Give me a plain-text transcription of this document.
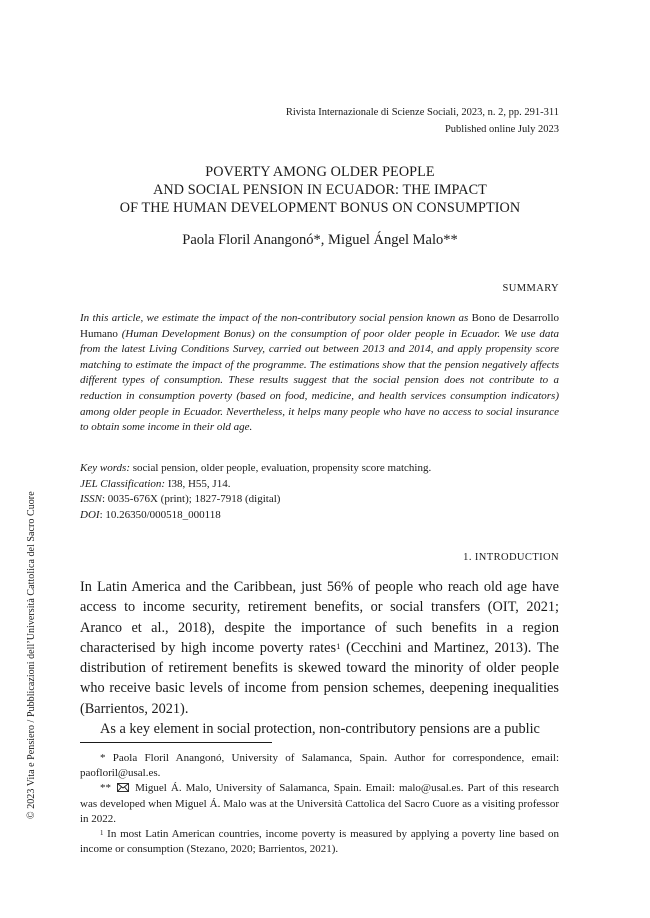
Rivista Internazionale di Scienze Sociali, 2023, n. 2, pp. 291-311
Published online July 2023
POVERTY AMONG OLDER PEOPLE
AND SOCIAL PENSION IN ECUADOR: THE IMPACT
OF THE HUMAN DEVELOPMENT BONUS ON CONSUMPTION
Paola Floril Anangonó*, Miguel Ángel Malo**
SUMMARY
In this article, we estimate the impact of the non-contributory social pension known as Bono de Desarrollo Humano (Human Development Bonus) on the consumption of poor older people in Ecuador. We use data from the latest Living Conditions Survey, carried out between 2013 and 2014, and apply propensity score matching to estimate the impact of the programme. The estimations show that the pension negatively affects different types of consumption. These results suggest that the social pension does not contribute to a reduction in consumption poverty (based on food, medicine, and health services consumption indicators) among older people in Ecuador. Nevertheless, it helps many people who have no access to social insurance to obtain some income in their old age.
Key words: social pension, older people, evaluation, propensity score matching.
JEL Classification: I38, H55, J14.
ISSN: 0035-676X (print); 1827-7918 (digital)
DOI: 10.26350/000518_000118
1. INTRODUCTION

In Latin America and the Caribbean, just 56% of people who reach old age have access to income security, retirement benefits, or social transfers (OIT, 2021; Aranco et al., 2018), despite the importance of such benefits in a region characterised by high income poverty rates$^1$ (Cecchini and Martinez, 2013). The distribution of retirement benefits is skewed toward the minority of older people who receive basic levels of income from pension schemes, deepening inequalities (Barrientos, 2021).

As a key element in social protection, non-contributory pensions are a public

* Paola Floril Anangonó, University of Salamanca, Spain. Author for correspondence, email: paofloril@usal.es.

**  Miguel Á. Malo, University of Salamanca, Spain. Email: malo@usal.es. Part of this research was developed when Miguel Á. Malo was at the Università Cattolica del Sacro Cuore as a visiting professor in 2022.

$^1$ In most Latin American countries, income poverty is measured by applying a poverty line based on income or consumption (Stezano, 2020; Barrientos, 2021).

© 2023 Vita e Pensiero / Pubblicazioni dell’Università Cattolica del Sacro Cuore
